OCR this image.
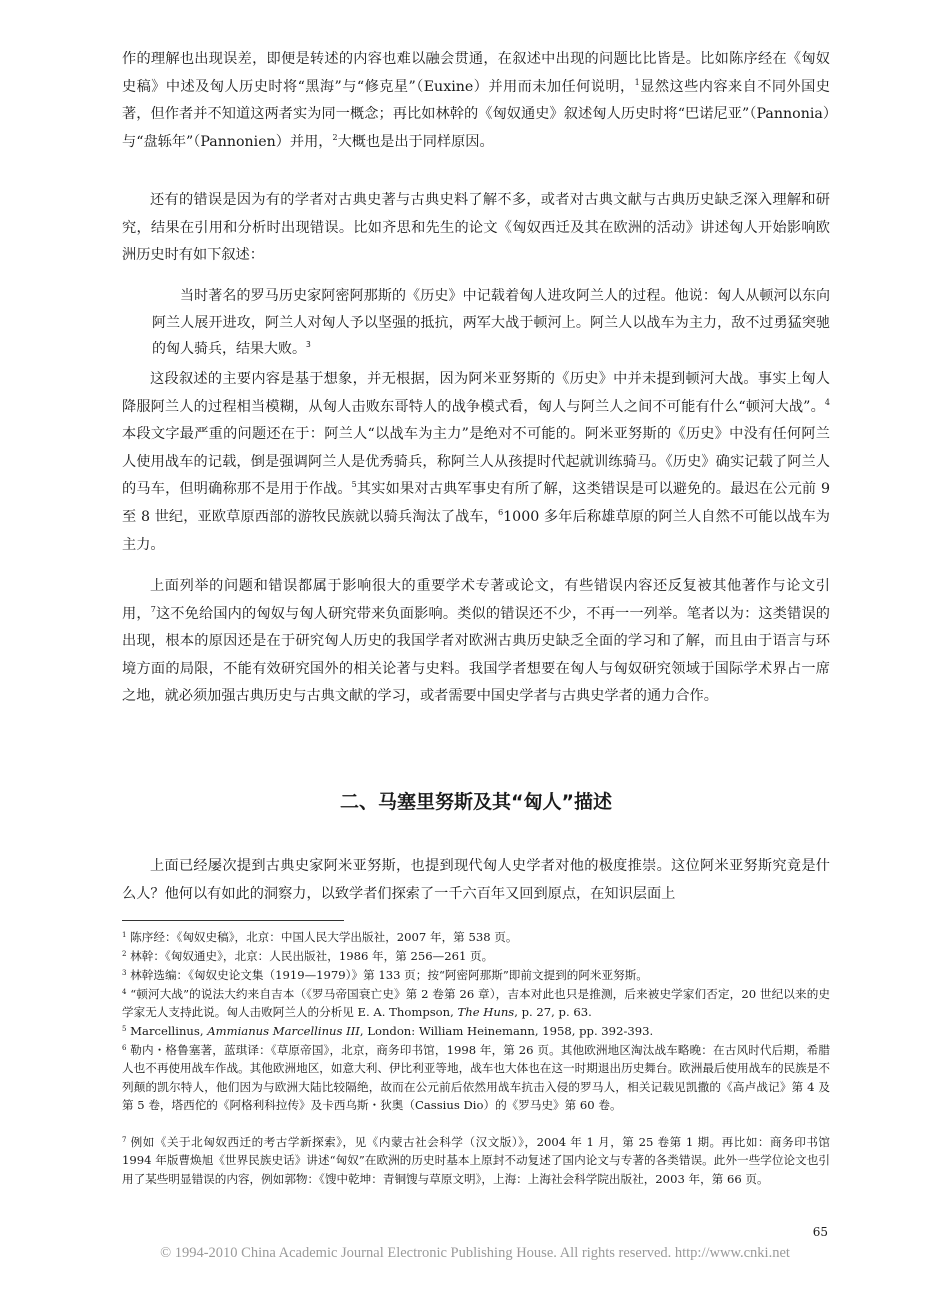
作的理解也出现误差，即便是转述的内容也难以融会贯通，在叙述中出现的问题比比皆是。比如陈序经在《匈奴史稿》中述及匈人历史时将“黑海”与“修克星”（Euxine）并用而未加任何说明，$^1$显然这些内容来自不同外国史著，但作者并不知道这两者实为同一概念；再比如林幹的《匈奴通史》叙述匈人历史时将“巴诺尼亚”（Pannonia）与“盘轹年”（Pannonien）并用，$^2$大概也是出于同样原因。

还有的错误是因为有的学者对古典史著与古典史料了解不多，或者对古典文献与古典历史缺乏深入理解和研究，结果在引用和分析时出现错误。比如齐思和先生的论文《匈奴西迁及其在欧洲的活动》讲述匈人开始影响欧洲历史时有如下叙述：

当时著名的罗马历史家阿密阿那斯的《历史》中记载着匈人进攻阿兰人的过程。他说：匈人从顿河以东向阿兰人展开进攻，阿兰人对匈人予以坚强的抵抗，两军大战于顿河上。阿兰人以战车为主力，敌不过勇猛突驰的匈人骑兵，结果大败。$^3$

这段叙述的主要内容是基于想象，并无根据，因为阿米亚努斯的《历史》中并未提到顿河大战。事实上匈人降服阿兰人的过程相当模糊，从匈人击败东哥特人的战争模式看，匈人与阿兰人之间不可能有什么“顿河大战”。$^4$本段文字最严重的问题还在于：阿兰人“以战车为主力”是绝对不可能的。阿米亚努斯的《历史》中没有任何阿兰人使用战车的记载，倒是强调阿兰人是优秀骑兵，称阿兰人从孩提时代起就训练骑马。《历史》确实记载了阿兰人的马车，但明确称那不是用于作战。$^5$其实如果对古典军事史有所了解，这类错误是可以避免的。最迟在公元前 9 至 8 世纪，亚欧草原西部的游牧民族就以骑兵淘汰了战车，$^6$1000 多年后称雄草原的阿兰人自然不可能以战车为主力。

上面列举的问题和错误都属于影响很大的重要学术专著或论文，有些错误内容还反复被其他著作与论文引用，$^7$这不免给国内的匈奴与匈人研究带来负面影响。类似的错误还不少，不再一一列举。笔者以为：这类错误的出现，根本的原因还是在于研究匈人历史的我国学者对欧洲古典历史缺乏全面的学习和了解，而且由于语言与环境方面的局限，不能有效研究国外的相关论著与史料。我国学者想要在匈人与匈奴研究领域于国际学术界占一席之地，就必须加强古典历史与古典文献的学习，或者需要中国史学者与古典史学者的通力合作。

二、马塞里努斯及其“匈人”描述

上面已经屡次提到古典史家阿米亚努斯，也提到现代匈人史学者对他的极度推崇。这位阿米亚努斯究竟是什么人？他何以有如此的洞察力，以致学者们探索了一千六百年又回到原点，在知识层面上

$^1$ 陈序经：《匈奴史稿》，北京：中国人民大学出版社，2007 年，第 538 页。

$^2$ 林幹：《匈奴通史》，北京：人民出版社，1986 年，第 256—261 页。

$^3$ 林幹选编：《匈奴史论文集（1919—1979）》第 133 页；按“阿密阿那斯”即前文提到的阿米亚努斯。

$^4$ “顿河大战”的说法大约来自吉本（《罗马帝国衰亡史》第 2 卷第 26 章），吉本对此也只是推测，后来被史学家们否定，20 世纪以来的史学家无人支持此说。匈人击败阿兰人的分析见 E. A. Thompson, The Huns, p. 27, p. 63.

$^5$ Marcellinus, Ammianus Marcellinus III, London: William Heinemann, 1958, pp. 392-393.

$^6$ 勒内・格鲁塞著，蓝琪译：《草原帝国》，北京，商务印书馆，1998 年，第 26 页。其他欧洲地区淘汰战车略晚：在古风时代后期，希腊人也不再使用战车作战。其他欧洲地区，如意大利、伊比利亚等地，战车也大体也在这一时期退出历史舞台。欧洲最后使用战车的民族是不列颠的凯尔特人，他们因为与欧洲大陆比较隔绝，故而在公元前后依然用战车抗击入侵的罗马人，相关记载见凯撒的《高卢战记》第 4 及第 5 卷，塔西佗的《阿格利科拉传》及卡西乌斯・狄奥（Cassius Dio）的《罗马史》第 60 卷。

$^7$ 例如《关于北匈奴西迁的考古学新探索》，见《内蒙古社会科学（汉文版）》，2004 年 1 月，第 25 卷第 1 期。再比如：商务印书馆 1994 年版曹焕旭《世界民族史话》讲述“匈奴”在欧洲的历史时基本上原封不动复述了国内论文与专著的各类错误。此外一些学位论文也引用了某些明显错误的内容，例如郭物：《馊中乾坤：青铜馊与草原文明》，上海：上海社会科学院出版社，2003 年，第 66 页。

65
© 1994-2010 China Academic Journal Electronic Publishing House. All rights reserved. http://www.cnki.net
